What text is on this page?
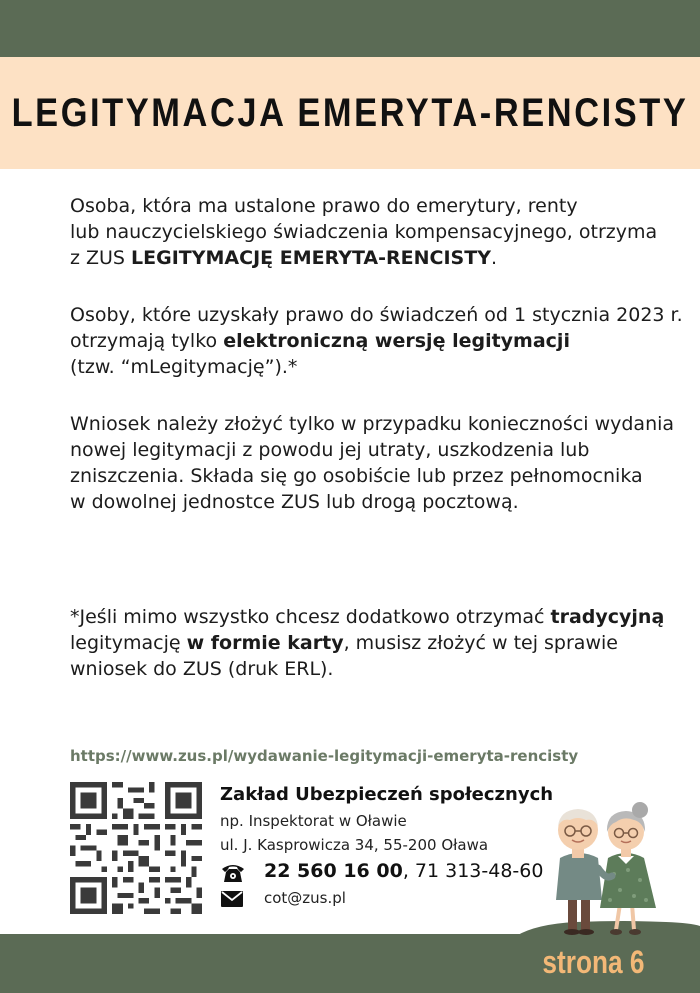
LEGITYMACJA EMERYTA-RENCISTY
Osoba, która ma ustalone prawo do emerytury, renty
lub nauczycielskiego świadczenia kompensacyjnego, otrzyma
z ZUS LEGITYMACJĘ EMERYTA-RENCISTY.
Osoby, które uzyskały prawo do świadczeń od 1 stycznia 2023 r.
otrzymają tylko elektroniczną wersję legitymacji
(tzw. “mLegitymację”).*
Wniosek należy złożyć tylko w przypadku konieczności wydania
nowej legitymacji z powodu jej utraty, uszkodzenia lub
zniszczenia. Składa się go osobiście lub przez pełnomocnika
w dowolnej jednostce ZUS lub drogą pocztową.
*Jeśli mimo wszystko chcesz dodatkowo otrzymać tradycyjną
legitymację w formie karty, musisz złożyć w tej sprawie
wniosek do ZUS (druk ERL).
https://www.zus.pl/wydawanie-legitymacji-emeryta-rencisty
Zakład Ubezpieczeń społecznych
np. Inspektorat w Oławie
ul. J. Kasprowicza 34, 55-200 Oława
22 560 16 00, 71 313-48-60
cot@zus.pl
strona 6
